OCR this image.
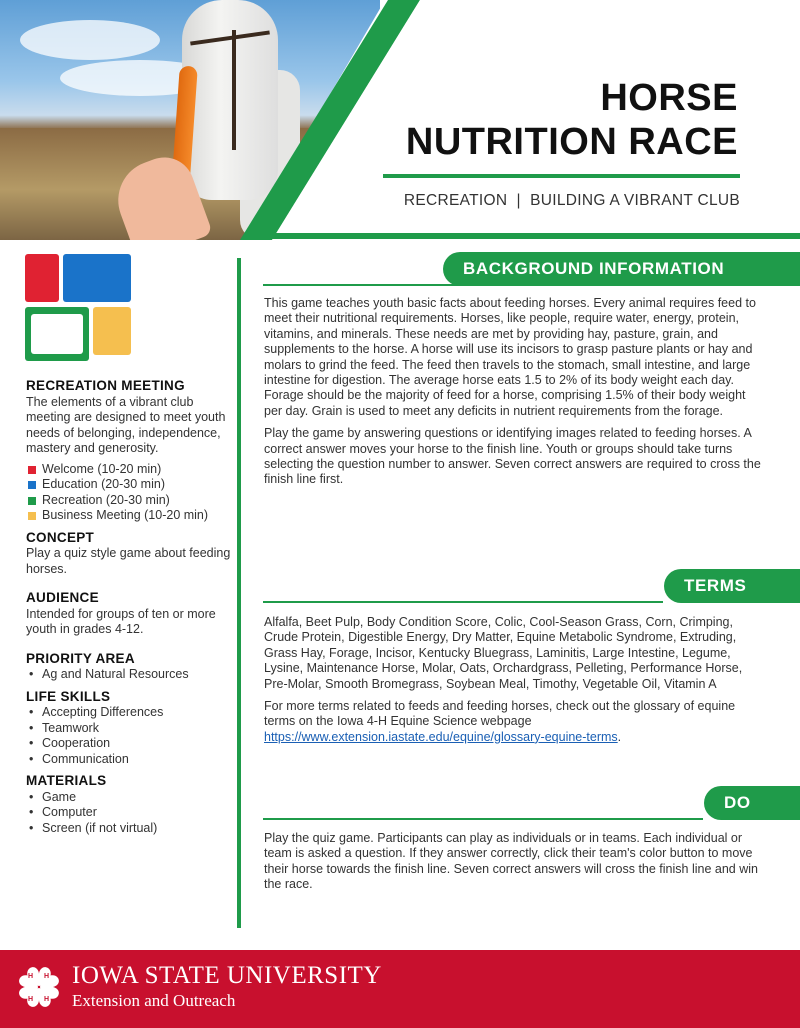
HORSE
NUTRITION RACE
RECREATION  |  BUILDING A VIBRANT CLUB
RECREATION MEETING

The elements of a vibrant club meeting are designed to meet youth needs of belonging, independence, mastery and generosity.

Welcome (10-20 min)
Education (20-30 min)
Recreation (20-30 min)
Business Meeting (10-20 min)
CONCEPT

Play a quiz style game about feeding horses.

AUDIENCE

Intended for groups of ten or more youth in grades 4-12.

PRIORITY AREA
• Ag and Natural Resources
LIFE SKILLS
• Accepting Differences
• Teamwork
• Cooperation
• Communication
MATERIALS
• Game
• Computer
• Screen (if not virtual)
BACKGROUND INFORMATION

This game teaches youth basic facts about feeding horses. Every animal requires feed to meet their nutritional requirements. Horses, like people, require water, energy, protein, vitamins, and minerals. These needs are met by providing hay, pasture, grain, and supplements to the horse. A horse will use its incisors to grasp pasture plants or hay and molars to grind the feed. The feed then travels to the stomach, small intestine, and large intestine for digestion. The average horse eats 1.5 to 2% of its body weight each day. Forage should be the majority of feed for a horse, comprising 1.5% of their body weight per day. Grain is used to meet any deficits in nutrient requirements from the forage.

Play the game by answering questions or identifying images related to feeding horses. A correct answer moves your horse to the finish line. Youth or groups should take turns selecting the question number to answer. Seven correct answers are required to cross the finish line first.

TERMS

Alfalfa, Beet Pulp, Body Condition Score, Colic, Cool-Season Grass, Corn, Crimping, Crude Protein, Digestible Energy, Dry Matter, Equine Metabolic Syndrome, Extruding, Grass Hay, Forage, Incisor, Kentucky Bluegrass, Laminitis, Large Intestine, Legume, Lysine, Maintenance Horse, Molar, Oats, Orchardgrass, Pelleting, Performance Horse, Pre-Molar, Smooth Bromegrass, Soybean Meal, Timothy, Vegetable Oil, Vitamin A

For more terms related to feeds and feeding horses, check out the glossary of equine terms on the Iowa 4-H Equine Science webpage https://www.extension.iastate.edu/equine/glossary-equine-terms.

DO

Play the quiz game. Participants can play as individuals or in teams. Each individual or team is asked a question. If they answer correctly, click their team's color button to move their horse towards the finish line. Seven correct answers will cross the finish line and win the race.

H H
H H
IOWA STATE UNIVERSITY
Extension and Outreach
